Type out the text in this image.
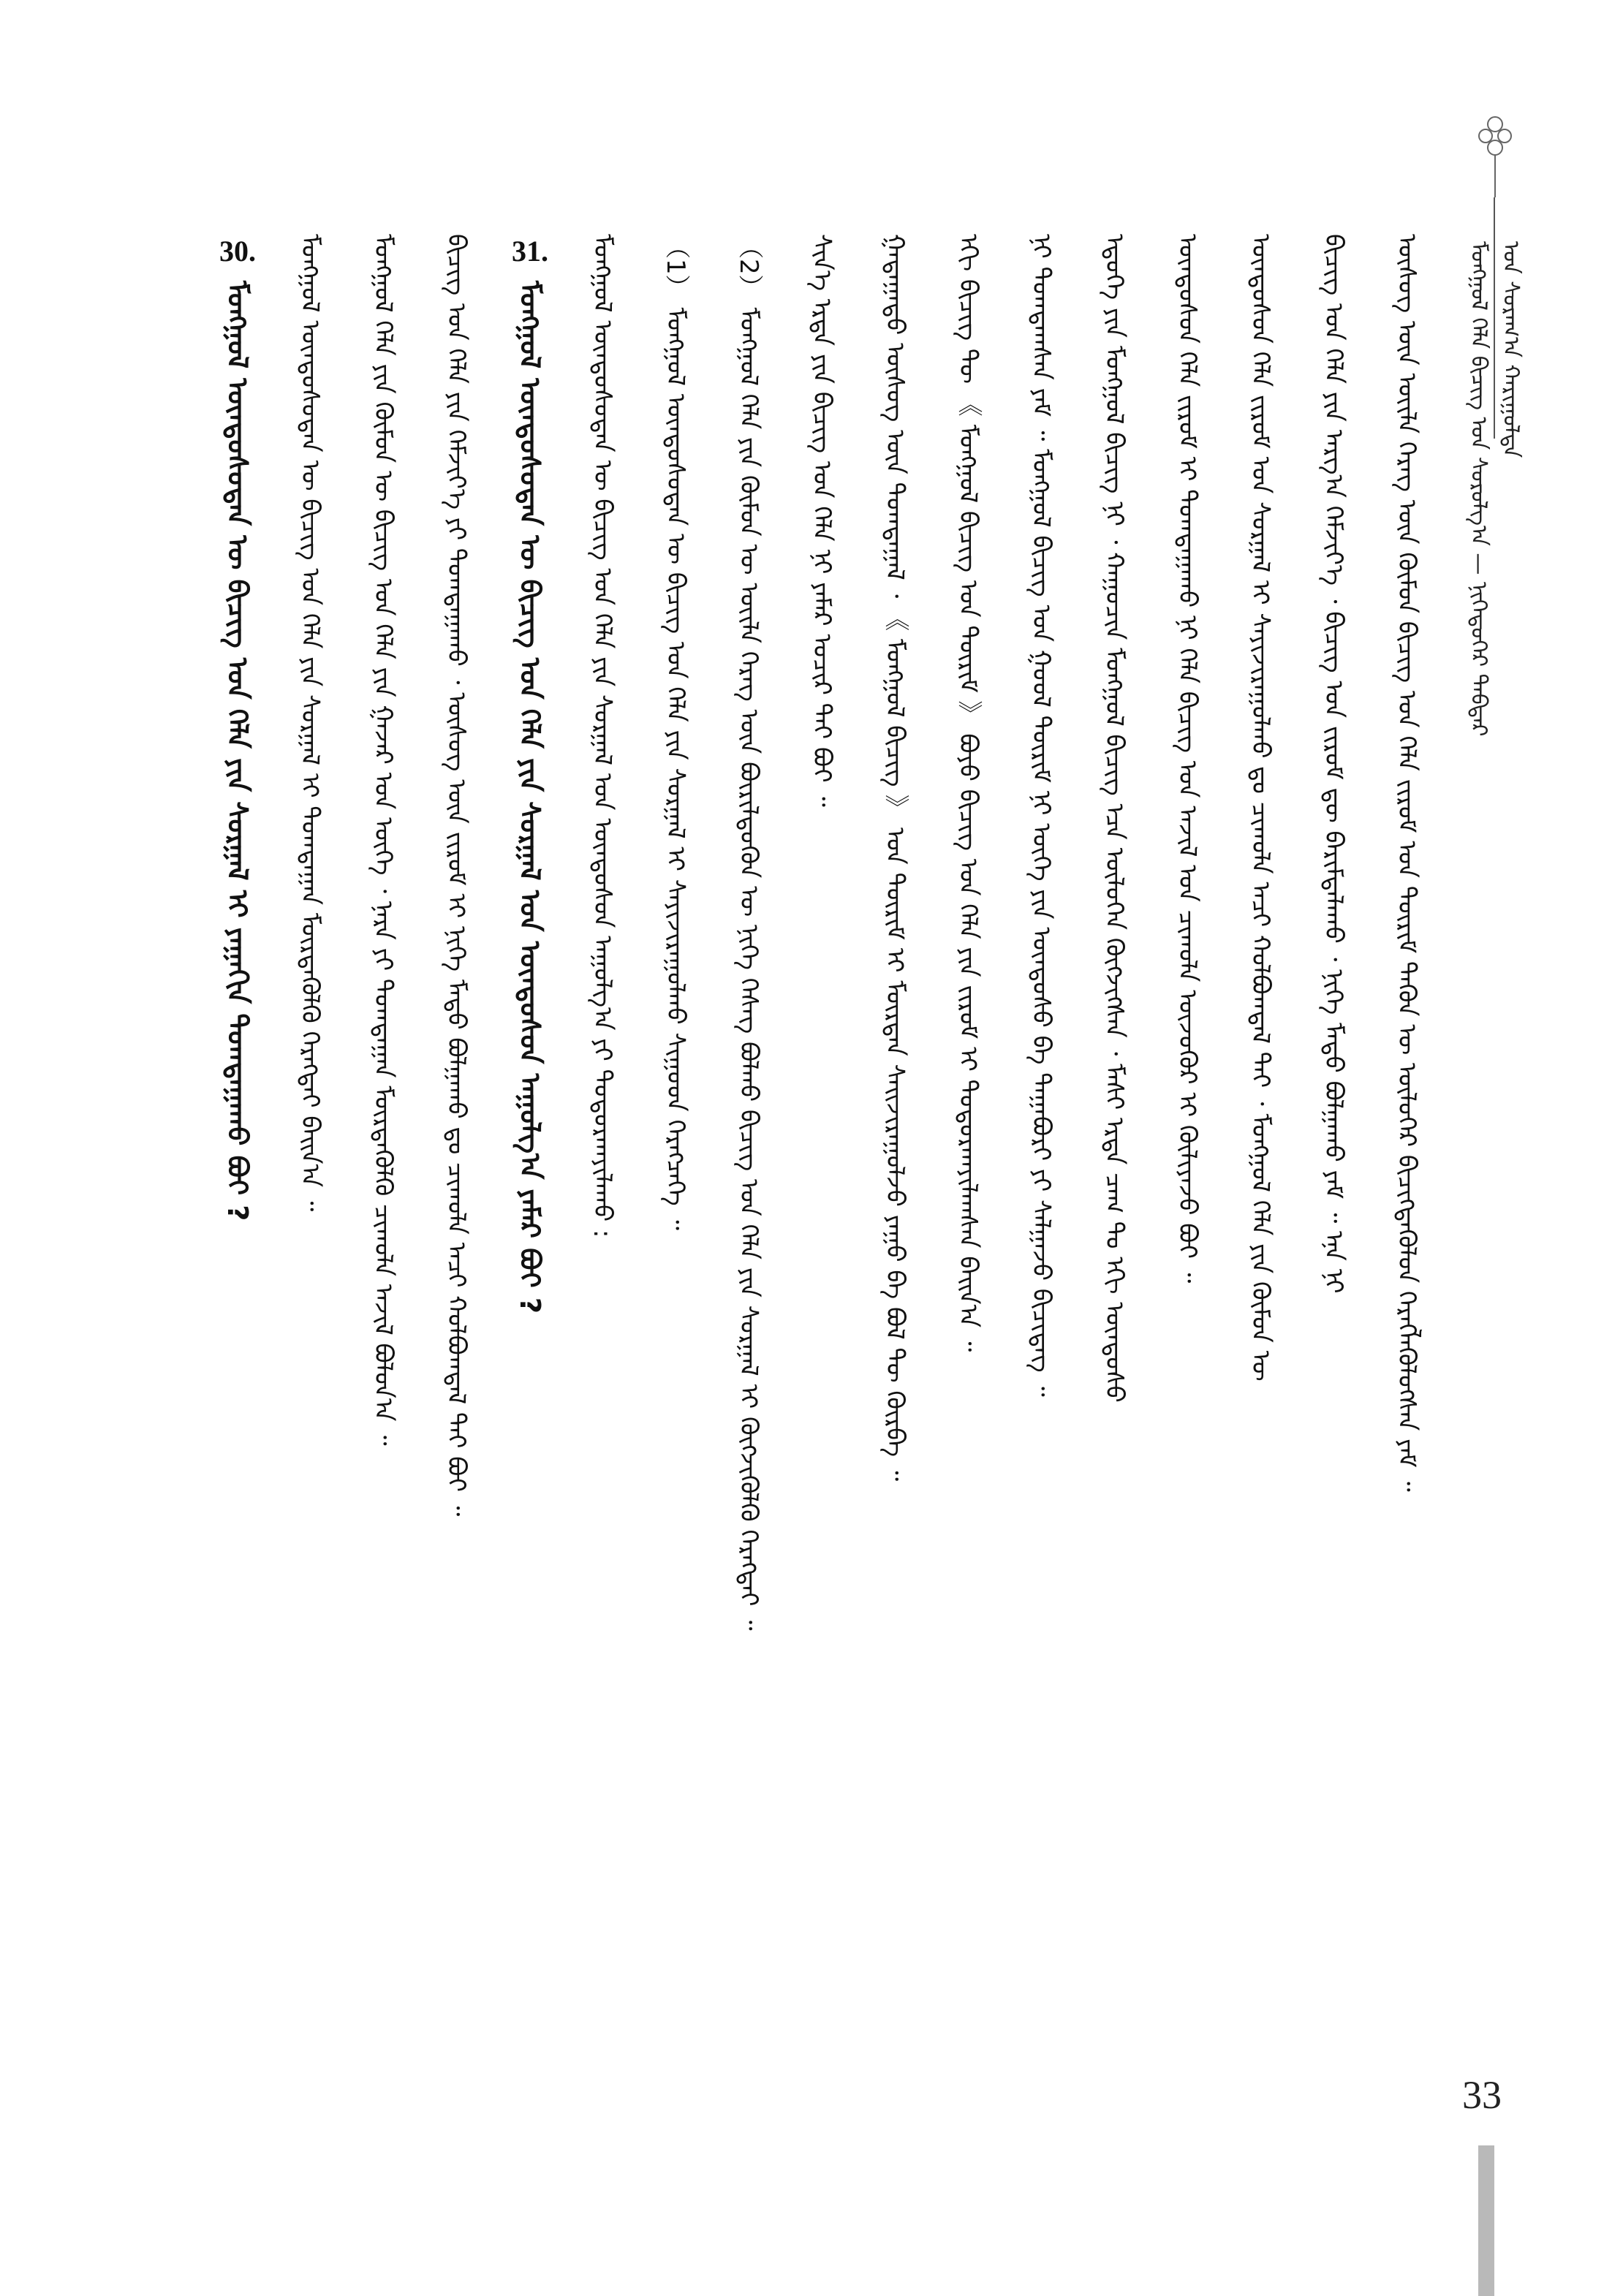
ᠮᠣᠩᠭᠣᠯ ᠬᠡᠯᠡ ᠪᠢᠴᠢᠭ ᠤᠨ ᠰᠣᠷᠤᠯᠭ᠎ᠠ — ᠨᠢᠭᠡᠳᠦᠭᠡᠷ ᠳᠡᠪᠲᠡᠷ ᠤᠨ ᠰᠤᠷᠠᠭ᠎ᠠ ᠬᠠᠷᠢᠭᠤᠯᠲᠠ
ᠦᠰᠦᠭ ᠦᠨ ᠦᠢᠯᠡ ᠬᠡᠷᠡᠭ ᠦᠨ ᠬᠦᠮᠦᠨ ᠪᠢᠴᠢᠭ ᠤᠨ ᠬᠡᠯᠡ ᠵᠢᠷᠤᠮ ᠤᠨ ᠳᠦᠷᠢᠮ ᠲᠡᠭᠦᠨ ᠦ ᠦᠯᠦᠭᠡᠷ ᠪᠢᠴᠢᠭᠳᠡᠭᠦᠯᠦᠨ ᠬᠡᠷᠡᠭᠯᠡᠭᠦᠯᠦᠭᠰᠡᠨ ᠶᠠᠮ ᠃
ᠪᠢᠴᠢᠭ ᠤᠨ ᠬᠡᠯᠡ ᠶᠢᠨ ᠠᠷᠭ᠎ᠠ ᠬᠡᠮᠵᠢᠶ᠎ᠡ ᠂ ᠪᠢᠴᠢᠭ ᠤᠨ ᠵᠢᠷᠤᠮ ᠳᠦ ᠪᠠᠷᠢᠮᠲᠠᠯᠠᠬᠤ ᠂ ᠨᠢᠭᠡ ᠮᠡᠲᠦ ᠪᠣᠯᠭᠠᠬᠤ ᠶᠠᠮ ᠃ ᠡᠨᠡ ᠨᠢ
ᠦᠨᠳᠦᠰᠦᠨ ᠬᠡᠯᠡ ᠵᠢᠷᠤᠮ ᠤᠨ ᠰᠤᠷᠭᠠᠯ ᠢ ᠰᠠᠶᠢᠵᠢᠷᠠᠭᠤᠯᠬᠤ ᠳᠤ ᠴᠢᠬᠤᠯᠠ ᠠᠴᠢ ᠬᠣᠯᠪᠣᠭᠳᠠᠯ ᠲᠠᠢ ᠂ ᠮᠣᠩᠭᠣᠯ ᠬᠡᠯᠡ ᠶᠢᠨ ᠬᠦᠮᠦᠨ ᠦ
ᠦᠨᠳᠦᠰᠦᠨ ᠬᠡᠯᠡ ᠵᠢᠷᠤᠮ ᠢ ᠲᠣᠭᠲᠠᠭᠠᠬᠤ ᠨᠢ ᠬᠡᠯᠡ ᠪᠢᠴᠢᠭ ᠤᠨ ᠠᠵᠢᠯ ᠤᠨ ᠴᠢᠬᠤᠯᠠ ᠦᠵᠦᠭᠦᠷ ᠢ ᠬᠦᠯᠢᠶᠡᠵᠦ ᠪᠣᠢ ᠃
ᠡᠳᠦᠭᠡ ᠶᠢᠨ ᠮᠣᠩᠭᠣᠯ ᠪᠢᠴᠢᠭ ᠨᠢ ᠂ ᠬᠠᠭᠤᠴᠢᠨ ᠮᠣᠩᠭᠣᠯ ᠪᠢᠴᠢᠭ ᠡᠴᠡ ᠦᠯᠦᠬᠡᠨ ᠬᠦᠭᠵᠢᠭᠰᠡᠨ ᠂ ᠮᠠᠰᠢ ᠡᠷᠲᠡ ᠴᠠᠭ ᠲᠤ ᠡᠬᠢ ᠦᠨᠳᠦᠰᠦ
ᠨᠢ ᠲᠣᠭᠲᠠᠭᠰᠠᠨ ᠶᠠᠮ ᠃ ᠮᠣᠩᠭᠣᠯ ᠪᠢᠴᠢᠭ ᠤᠨ ᠭᠣᠣᠯ ᠳᠦᠷᠢᠮ ᠨᠢ ᠦᠭᠡ ᠶᠢᠨ ᠦᠨᠳᠦᠰᠦ ᠪᠠ ᠳᠠᠭᠠᠪᠤᠷᠢ ᠶᠢ ᠰᠠᠯᠭᠠᠵᠤ ᠪᠢᠴᠢᠳᠡᠭ ᠃
ᠡᠬᠢ ᠪᠢᠴᠢᠭ ᠲᠦ 《 ᠮᠣᠩᠭᠣᠯ ᠪᠢᠴᠢᠭ ᠤᠨ ᠳᠦᠷᠢᠮ 》 ᠪᠤᠶᠤ ᠪᠢᠴᠢᠭ ᠤᠨ ᠬᠡᠯᠡ ᠶᠢᠨ ᠵᠢᠷᠤᠮ ᠢ ᠲᠣᠳᠤᠷᠬᠠᠶᠢᠯᠠᠭᠰᠠᠨ ᠪᠠᠢᠨ᠎ᠠ ᠃
ᠭᠠᠳᠠᠭᠠᠳᠤ ᠦᠰᠦᠭ ᠦᠨ ᠲᠣᠭᠲᠠᠭᠠᠯ ᠂ 《 ᠮᠣᠩᠭᠣᠯ ᠪᠢᠴᠢᠭ 》 ᠤᠨ ᠳᠦᠷᠢᠮ ᠢ ᠮᠥᠷᠳᠡᠨ ᠰᠠᠢᠵᠢᠷᠠᠭᠤᠯᠵᠤ ᠶᠠᠭᠤ ᠪᠠ ᠪᠣᠯ ᠲᠦ ᠬᠦᠷᠪᠡ ᠃
ᠰᠢᠨ᠎ᠡ ᠡᠷᠲᠡ ᠶᠢᠨ ᠪᠢᠴᠢᠭ ᠤᠨ ᠬᠡᠯᠡ ᠨᠢ ᠶᠠᠮᠠᠷ ᠤᠴᠢᠷ ᠲᠠᠢ ᠪᠤᠢ ᠃
（2） ᠮᠣᠩᠭᠣᠯ ᠬᠡᠯᠡ ᠶᠢᠨ ᠬᠦᠮᠦᠨ ᠦ ᠦᠢᠯᠡ ᠬᠡᠷᠡᠭ ᠦᠨ ᠪᠦᠷᠢᠯᠳᠦᠬᠦᠨ ᠦ ᠨᠢᠭᠡ ᠬᠡᠰᠡᠭ ᠪᠣᠯᠬᠤ ᠪᠢᠴᠢᠭ ᠤᠨ ᠬᠡᠯᠡ ᠶᠢᠨ ᠰᠤᠷᠭᠠᠯ ᠢ ᠬᠥᠭᠵᠢᠭᠦᠯᠬᠦ ᠬᠡᠷᠡᠭᠲᠡᠢ ᠃
（1） ᠮᠣᠩᠭᠣᠯ ᠦᠨᠳᠦᠰᠦᠲᠡᠨ ᠦ ᠪᠢᠴᠢᠭ ᠤᠨ ᠬᠡᠯᠡ ᠶᠢᠨ ᠰᠤᠷᠭᠠᠯ ᠢ ᠰᠠᠶᠢᠵᠢᠷᠠᠭᠤᠯᠬᠤ ᠰᠢᠭᠤᠳ ᠬᠡᠷᠡᠭᠴᠡᠭᠡ ᠃
ᠮᠣᠩᠭᠣᠯ ᠦᠨᠳᠦᠰᠦᠲᠡᠨ ᠦ ᠪᠢᠴᠢᠭ ᠤᠨ ᠬᠡᠯᠡ ᠶᠢᠨ ᠰᠤᠷᠭᠠᠯ ᠤᠨ ᠦᠨᠳᠦᠰᠦᠨ ᠠᠭᠤᠯᠭ᠎ᠠ ᠶᠢ ᠲᠣᠳᠤᠷᠬᠠᠶᠢᠯᠠᠬᠤ :
31.ᠮᠣᠩᠭᠣᠯ ᠦᠨᠳᠦᠰᠦᠲᠡᠨ ᠦ ᠪᠢᠴᠢᠭ ᠤᠨ ᠬᠡᠯᠡ ᠶᠢᠨ ᠰᠤᠷᠭᠠᠯ ᠤᠨ ᠦᠨᠳᠦᠰᠦᠨ ᠠᠭᠤᠯᠭ᠎ᠠ ᠶᠠᠮᠠᠷ ᠪᠤᠢ ?
ᠪᠢᠴᠢᠭ ᠤᠨ ᠬᠡᠯᠡ ᠶᠢᠨ ᠬᠡᠮᠵᠢᠶ᠎ᠡ ᠶᠢ ᠲᠣᠭᠲᠠᠭᠠᠬᠤ ᠂ ᠦᠰᠦᠭ ᠦᠨ ᠵᠢᠷᠤᠮ ᠢ ᠨᠢᠭᠡ ᠮᠡᠲᠦ ᠪᠣᠯᠭᠠᠬᠤ ᠳᠤ ᠴᠢᠬᠤᠯᠠ ᠠᠴᠢ ᠬᠣᠯᠪᠣᠭᠳᠠᠯ ᠲᠠᠢ ᠪᠤᠢ ᠃
ᠮᠣᠩᠭᠣᠯ ᠬᠡᠯᠡ ᠶᠢᠨ ᠬᠦᠮᠦᠨ ᠦ ᠪᠢᠴᠢᠭ ᠤᠨ ᠬᠡᠯᠡ ᠶᠢᠨ ᠭᠠᠵᠠᠷ ᠤᠨ ᠦᠭᠡ ᠂ ᠨᠡᠷᠡ ᠶᠢ ᠲᠣᠭᠲᠠᠭᠠᠨ ᠮᠥᠷᠳᠡᠭᠦᠯᠬᠦ ᠴᠢᠬᠤᠯᠠ ᠠᠵᠢᠯ ᠪᠣᠯᠤᠨ᠎ᠠ ᠃
ᠮᠣᠩᠭᠣᠯ ᠦᠨᠳᠦᠰᠦᠲᠡᠨ ᠦ ᠪᠢᠴᠢᠭ ᠤᠨ ᠬᠡᠯᠡ ᠶᠢᠨ ᠰᠤᠷᠭᠠᠯ ᠢ ᠲᠣᠭᠲᠠᠭᠠᠨ ᠮᠥᠷᠳᠡᠭᠦᠯᠬᠦ ᠬᠡᠷᠡᠭᠲᠡᠢ ᠪᠠᠢᠨ᠎ᠠ ᠃
30.ᠮᠣᠩᠭᠣᠯ ᠦᠨᠳᠦᠰᠦᠲᠡᠨ ᠦ ᠪᠢᠴᠢᠭ ᠤᠨ ᠬᠡᠯᠡ ᠶᠢᠨ ᠰᠤᠷᠭᠠᠯ ᠢ ᠶᠠᠭᠠᠬᠢᠨ ᠲᠣᠭᠲᠠᠭᠠᠬᠤ ᠪᠤᠢ ?
33
